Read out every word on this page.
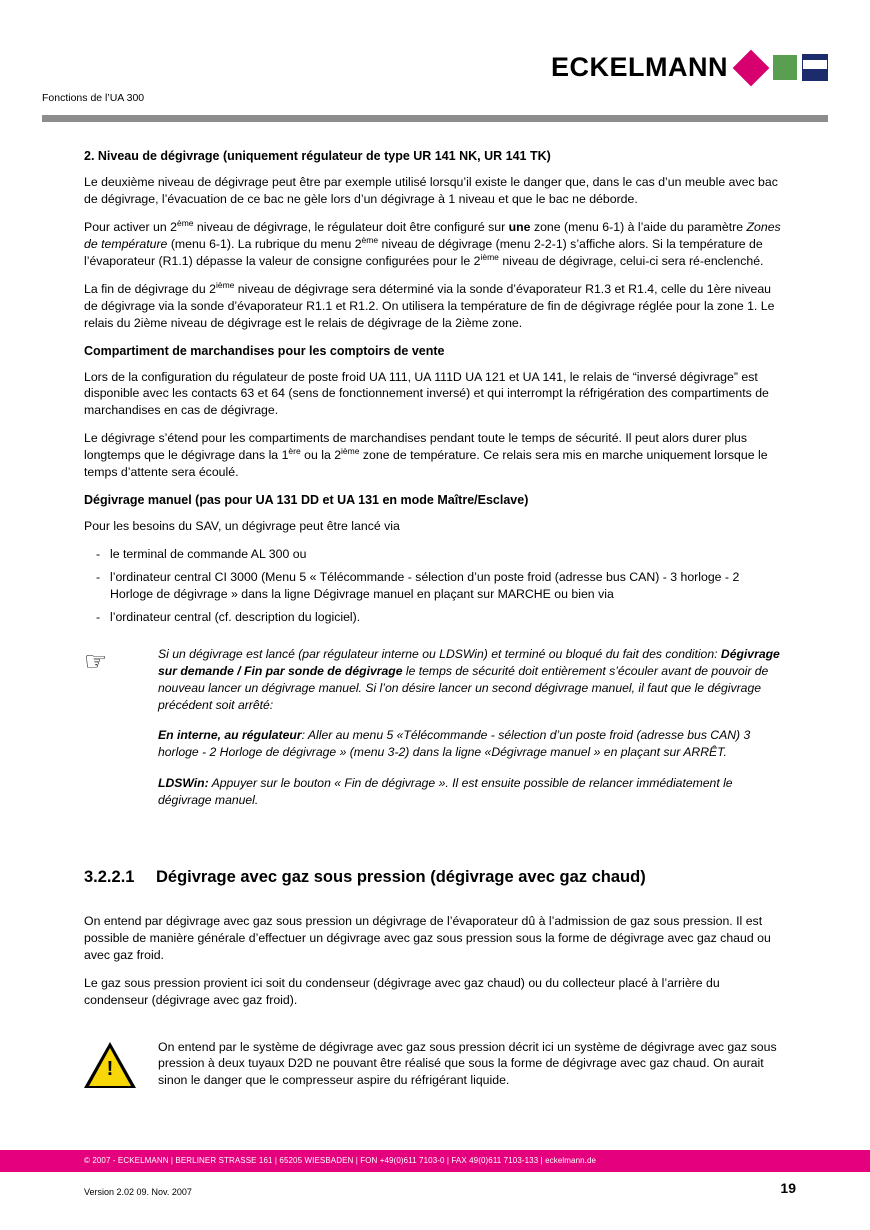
ECKELMANN
Fonctions de l’UA 300
2. Niveau de dégivrage (uniquement régulateur de type UR 141 NK, UR 141 TK)

Le deuxième niveau de dégivrage peut être par exemple utilisé lorsqu’il existe le danger que, dans le cas d’un meuble avec bac de dégivrage, l’évacuation de ce bac ne gèle lors d’un dégivrage à 1 niveau et que le bac ne déborde.

Pour activer un 2ème niveau de dégivrage, le régulateur doit être configuré sur une zone (menu 6-1) à l’aide du paramètre Zones de température (menu 6-1). La rubrique du menu 2ème niveau de dégivrage (menu 2-2-1) s’affiche alors. Si la température de l’évaporateur (R1.1) dépasse la valeur de consigne configurées pour le 2ième niveau de dégivrage, celui-ci sera ré-enclenché.

La fin de dégivrage du 2ième niveau de dégivrage sera déterminé via la sonde d’évaporateur R1.3 et R1.4, celle du 1ère niveau de dégivrage via la sonde d’évaporateur R1.1 et R1.2. On utilisera la température de fin de dégivrage réglée pour la zone 1. Le relais du 2ième niveau de dégivrage est le relais de dégivrage de la 2ième zone.

Compartiment de marchandises pour les comptoirs de vente

Lors de la configuration du régulateur de poste froid UA 111, UA 111D UA 121 et UA 141, le relais de “inversé dégivrage” est disponible avec les contacts 63 et 64 (sens de fonctionnement inversé) et qui interrompt la réfrigération des compartiments de marchandises en cas de dégivrage.

Le dégivrage s’étend pour les compartiments de marchandises pendant toute le temps de sécurité. Il peut alors durer plus longtemps que le dégivrage dans la 1ère ou la 2ième zone de température. Ce relais sera mis en marche uniquement lorsque le temps d’attente sera écoulé.

Dégivrage manuel (pas pour UA 131 DD et UA 131 en mode Maître/Esclave)

Pour les besoins du SAV, un dégivrage peut être lancé via

- le terminal de commande AL 300 ou
- l’ordinateur central CI 3000 (Menu 5 « Télécommande - sélection d’un poste froid (adresse bus CAN) - 3 horloge - 2 Horloge de dégivrage » dans la ligne Dégivrage manuel en plaçant sur MARCHE ou bien via
- l’ordinateur central (cf. description du logiciel).
☞	Si un dégivrage est lancé (par régulateur interne ou LDSWin) et terminé ou bloqué du fait des condition: Dégivrage sur demande / Fin par sonde de dégivrage le temps de sécurité doit entièrement s’écouler avant de pouvoir de nouveau lancer un dégivrage manuel. Si l’on désire lancer un second dégivrage manuel, il faut que le dégivrage précédent soit arrêté:

En interne, au régulateur: Aller au menu 5 «Télécommande - sélection d’un poste froid (adresse bus CAN) 3 horloge - 2 Horloge de dégivrage » (menu 3-2) dans la ligne «Dégivrage manuel » en plaçant sur ARRÊT.

LDSWin: Appuyer sur le bouton « Fin de dégivrage ». Il est ensuite possible de relancer immédiatement le dégivrage manuel.

3.2.2.1	Dégivrage avec gaz sous pression (dégivrage avec gaz chaud)

On entend par dégivrage avec gaz sous pression un dégivrage de l’évaporateur dû à l’admission de gaz sous pression. Il est possible de manière générale d’effectuer un dégivrage avec gaz sous pression sous la forme de dégivrage avec gaz chaud ou avec gaz froid.

Le gaz sous pression provient ici soit du condenseur (dégivrage avec gaz chaud) ou du collecteur placé à l’arrière du condenseur (dégivrage avec gaz froid).

!
On entend par le système de dégivrage avec gaz sous pression décrit ici un système de dégivrage avec gaz sous pression à deux tuyaux D2D ne pouvant être réalisé que sous la forme de dégivrage avec gaz chaud. On aurait sinon le danger que le compresseur aspire du réfrigérant liquide.
© 2007 - ECKELMANN | BERLINER STRASSE 161 | 65205 WIESBADEN | FON +49(0)611 7103-0 | FAX 49(0)611 7103-133 | eckelmann.de
Version 2.02 09. Nov. 2007	19
